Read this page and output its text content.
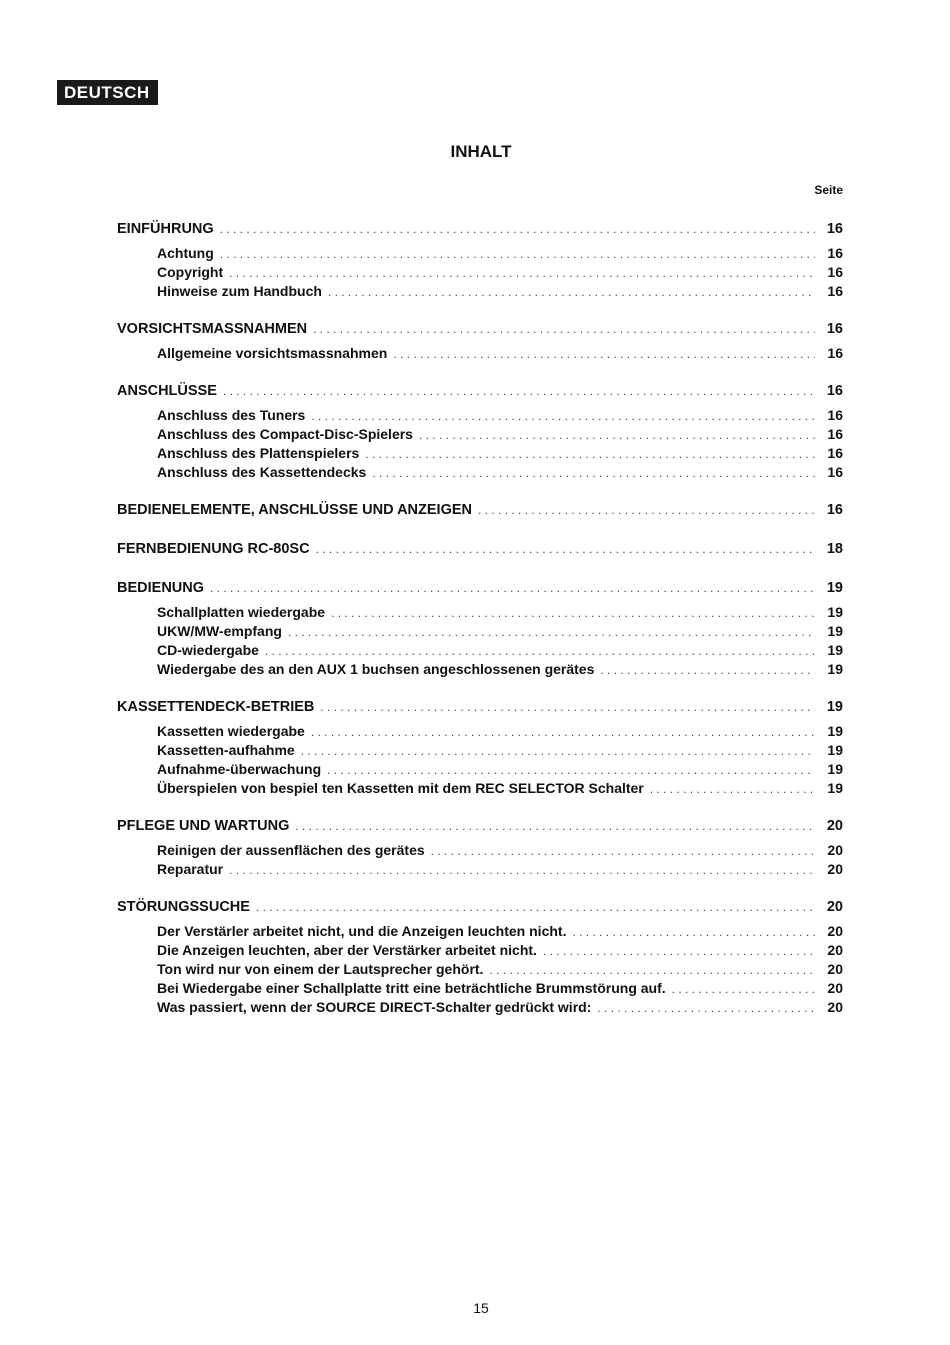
DEUTSCH
INHALT
Seite
EINFÜHRUNG . . .	16
Achtung . . .	16
Copyright . . .	16
Hinweise zum Handbuch . . .	16
VORSICHTSMASSNAHMEN . . .	16
Allgemeine vorsichtsmassnahmen . . .	16
ANSCHLÜSSE . . .	16
Anschluss des Tuners . . .	16
Anschluss des Compact-Disc-Spielers . . .	16
Anschluss des Plattenspielers . . .	16
Anschluss des Kassettendecks . . .	16
BEDIENELEMENTE, ANSCHLÜSSE UND ANZEIGEN . . .	16
FERNBEDIENUNG RC-80SC . . .	18
BEDIENUNG . . .	19
Schallplatten wiedergabe . . .	19
UKW/MW-empfang . . .	19
CD-wiedergabe . . .	19
Wiedergabe des an den AUX 1 buchsen angeschlossenen gerätes . . .	19
KASSETTENDECK-BETRIEB . . .	19
Kassetten wiedergabe . . .	19
Kassetten-aufhahme . . .	19
Aufnahme-überwachung . . .	19
Überspielen von bespiel ten Kassetten mit dem REC SELECTOR Schalter . . .	19
PFLEGE UND WARTUNG . . .	20
Reinigen der aussenflächen des gerätes . . .	20
Reparatur . . .	20
STÖRUNGSSUCHE . . .	20
Der Verstärler arbeitet nicht, und die Anzeigen leuchten nicht. . . .	20
Die Anzeigen leuchten, aber der Verstärker arbeitet nicht. . . .	20
Ton wird nur von einem der Lautsprecher gehört. . . .	20
Bei Wiedergabe einer Schallplatte tritt eine beträchtliche Brummstörung auf. . . .	20
Was passiert, wenn der SOURCE DIRECT-Schalter gedrückt wird: . . .	20
15
